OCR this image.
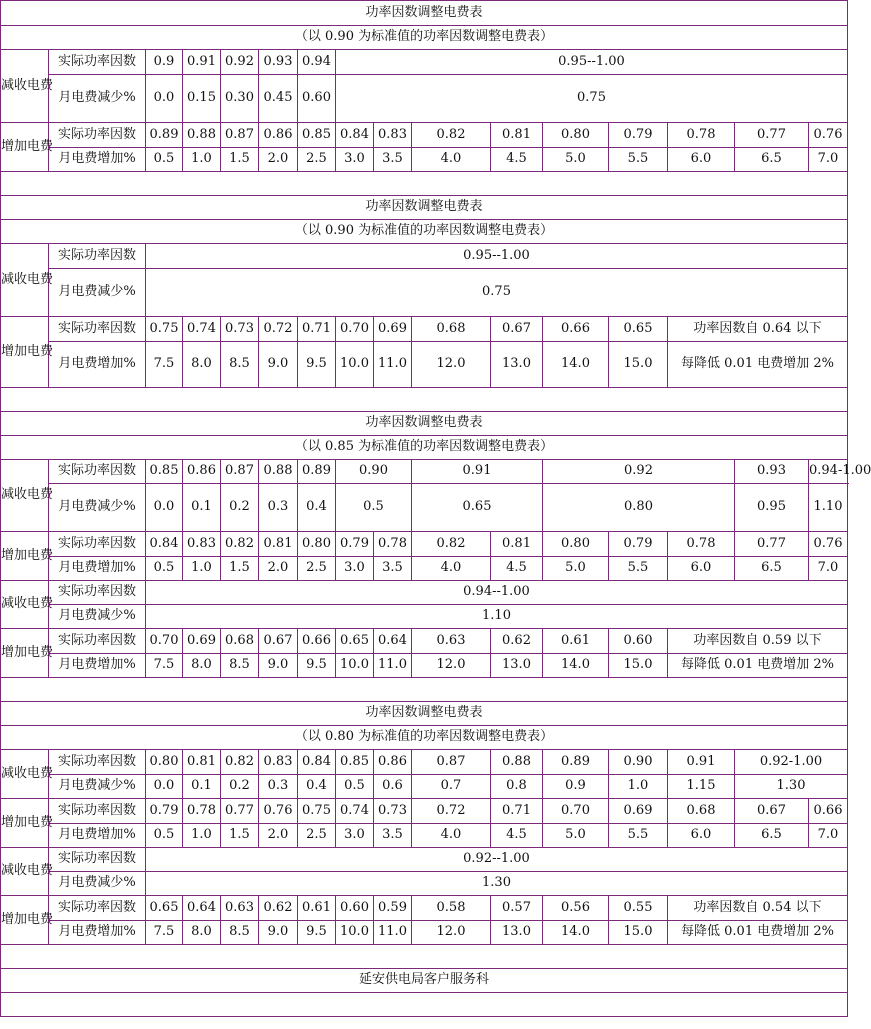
功率因数调整电费表															
（以 0.90 为标准值的功率因数调整电费表）															
减收电费	实际功率因数	0.9	0.91	0.92	0.93	0.94	0.95--1.00								
	月电费减少%	0.0	0.15	0.30	0.45	0.60	0.75								
增加电费	实际功率因数	0.89	0.88	0.87	0.86	0.85	0.84	0.83	0.82	0.81	0.80	0.79	0.78	0.77	0.76
	月电费增加%	0.5	1.0	1.5	2.0	2.5	3.0	3.5	4.0	4.5	5.0	5.5	6.0	6.5	7.0

功率因数调整电费表															
（以 0.90 为标准值的功率因数调整电费表）															
减收电费	实际功率因数	0.95--1.00													
	月电费减少%	0.75													
增加电费	实际功率因数	0.75	0.74	0.73	0.72	0.71	0.70	0.69	0.68	0.67	0.66	0.65	功率因数自 0.64 以下		
	月电费增加%	7.5	8.0	8.5	9.0	9.5	10.0	11.0	12.0	13.0	14.0	15.0	每降低 0.01 电费增加 2%		

功率因数调整电费表															
（以 0.85 为标准值的功率因数调整电费表）															
减收电费	实际功率因数	0.85	0.86	0.87	0.88	0.89	0.90		0.91		0.92			0.93	0.94-1.00
	月电费减少%	0.0	0.1	0.2	0.3	0.4	0.5		0.65		0.80			0.95	1.10
增加电费	实际功率因数	0.84	0.83	0.82	0.81	0.80	0.79	0.78	0.82	0.81	0.80	0.79	0.78	0.77	0.76
	月电费增加%	0.5	1.0	1.5	2.0	2.5	3.0	3.5	4.0	4.5	5.0	5.5	6.0	6.5	7.0
减收电费	实际功率因数	0.94--1.00													
	月电费减少%	1.10													
增加电费	实际功率因数	0.70	0.69	0.68	0.67	0.66	0.65	0.64	0.63	0.62	0.61	0.60	功率因数自 0.59 以下		
	月电费增加%	7.5	8.0	8.5	9.0	9.5	10.0	11.0	12.0	13.0	14.0	15.0	每降低 0.01 电费增加 2%		

功率因数调整电费表															
（以 0.80 为标准值的功率因数调整电费表）															
减收电费	实际功率因数	0.80	0.81	0.82	0.83	0.84	0.85	0.86	0.87	0.88	0.89	0.90	0.91	0.92-1.00	
	月电费减少%	0.0	0.1	0.2	0.3	0.4	0.5	0.6	0.7	0.8	0.9	1.0	1.15	1.30	
增加电费	实际功率因数	0.79	0.78	0.77	0.76	0.75	0.74	0.73	0.72	0.71	0.70	0.69	0.68	0.67	0.66
	月电费增加%	0.5	1.0	1.5	2.0	2.5	3.0	3.5	4.0	4.5	5.0	5.5	6.0	6.5	7.0
减收电费	实际功率因数	0.92--1.00													
	月电费减少%	1.30													
增加电费	实际功率因数	0.65	0.64	0.63	0.62	0.61	0.60	0.59	0.58	0.57	0.56	0.55	功率因数自 0.54 以下		
	月电费增加%	7.5	8.0	8.5	9.0	9.5	10.0	11.0	12.0	13.0	14.0	15.0	每降低 0.01 电费增加 2%		

延安供电局客户服务科															
